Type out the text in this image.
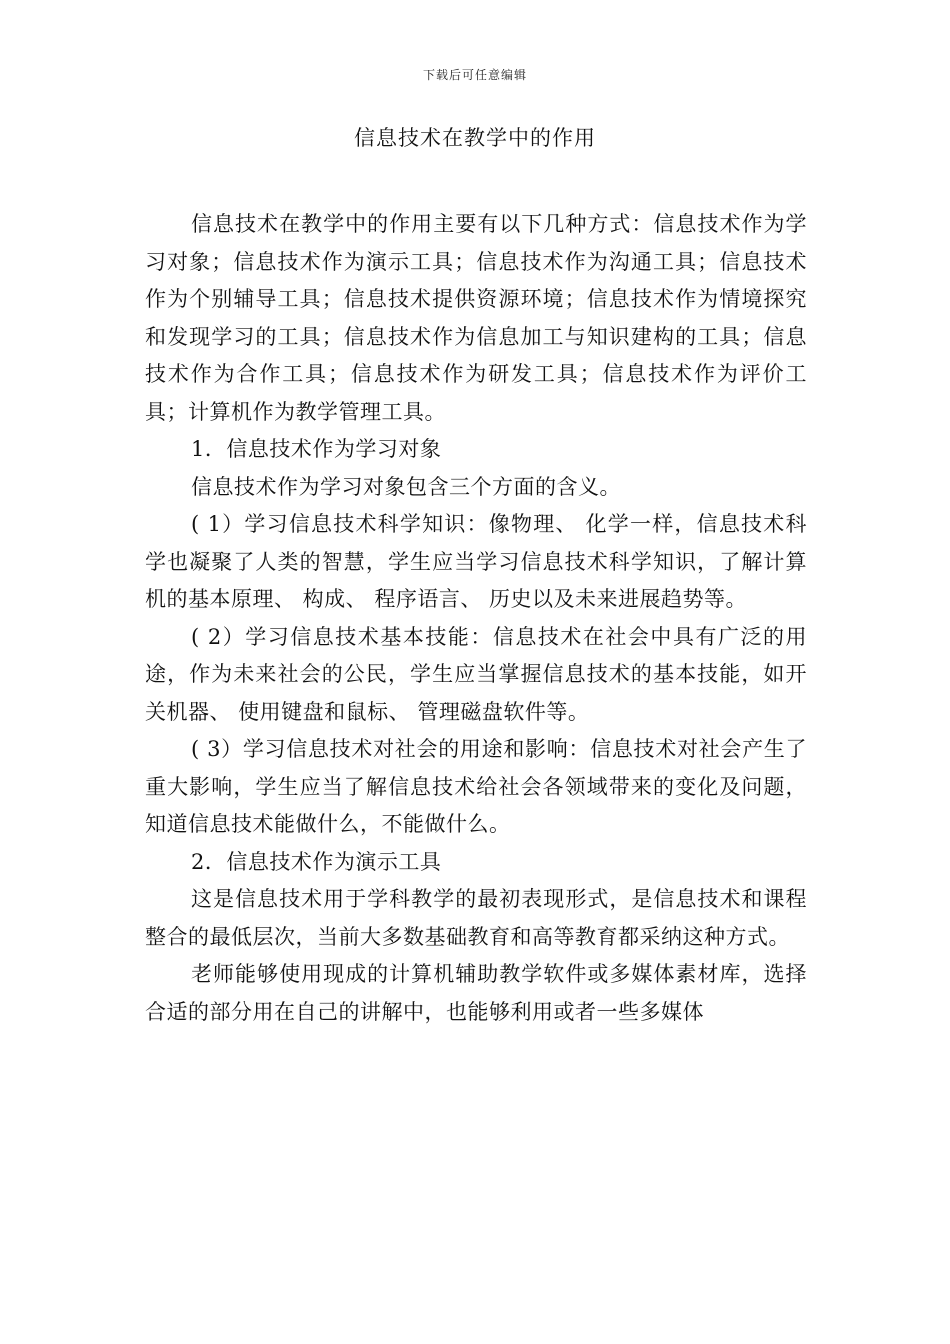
下载后可任意编辑
信息技术在教学中的作用

信息技术在教学中的作用主要有以下几种方式：信息技术作为学习对象；信息技术作为演示工具；信息技术作为沟通工具；信息技术作为个别辅导工具；信息技术提供资源环境；信息技术作为情境探究和发现学习的工具；信息技术作为信息加工与知识建构的工具；信息技术作为合作工具；信息技术作为研发工具；信息技术作为评价工具；计算机作为教学管理工具。

1．信息技术作为学习对象

信息技术作为学习对象包含三个方面的含义。

( 1）学习信息技术科学知识：像物理、 化学一样，信息技术科学也凝聚了人类的智慧，学生应当学习信息技术科学知识，了解计算机的基本原理、 构成、 程序语言、 历史以及未来进展趋势等。

( 2）学习信息技术基本技能：信息技术在社会中具有广泛的用途，作为未来社会的公民，学生应当掌握信息技术的基本技能，如开关机器、 使用键盘和鼠标、 管理磁盘软件等。

( 3）学习信息技术对社会的用途和影响：信息技术对社会产生了重大影响，学生应当了解信息技术给社会各领域带来的变化及问题，知道信息技术能做什么，不能做什么。

2．信息技术作为演示工具

这是信息技术用于学科教学的最初表现形式，是信息技术和课程整合的最低层次，当前大多数基础教育和高等教育都采纳这种方式。

老师能够使用现成的计算机辅助教学软件或多媒体素材库，选择合适的部分用在自己的讲解中，也能够利用或者一些多媒体
